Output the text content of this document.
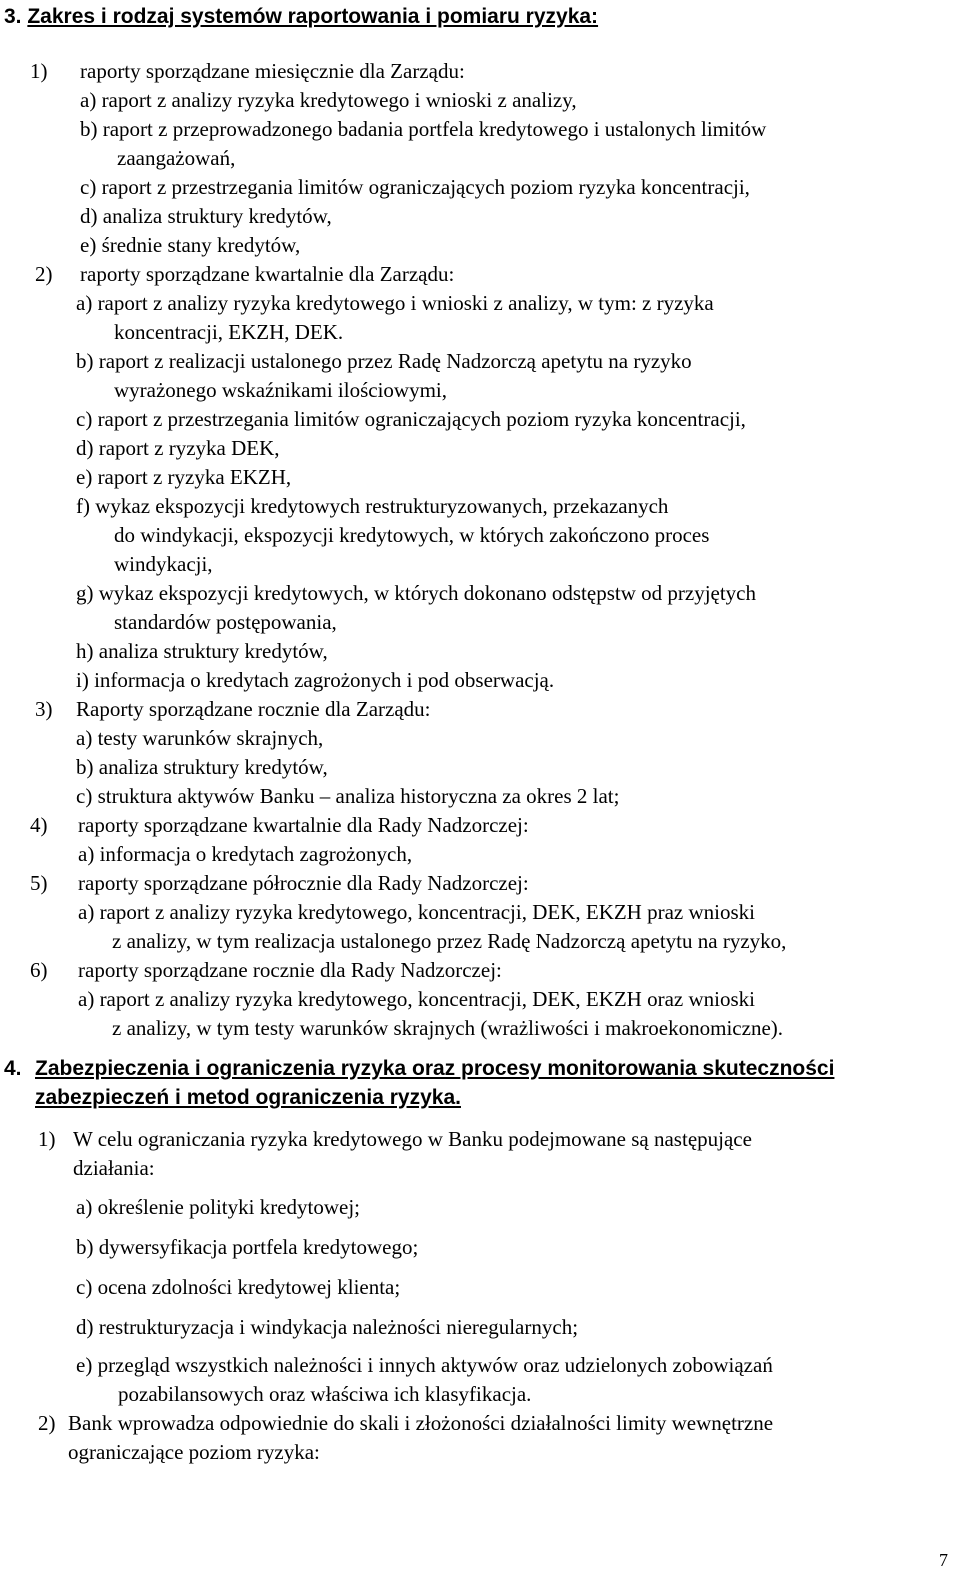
3. Zakres i rodzaj systemów raportowania i pomiaru ryzyka:
1) raporty sporządzane miesięcznie dla Zarządu:
a) raport z analizy ryzyka kredytowego i wnioski z analizy,
b) raport z przeprowadzonego badania portfela kredytowego i ustalonych limitów
zaangażowań,
c) raport z przestrzegania limitów ograniczających poziom ryzyka koncentracji,
d) analiza struktury kredytów,
e) średnie stany kredytów,
2) raporty sporządzane kwartalnie dla Zarządu:
a) raport z analizy ryzyka kredytowego i wnioski z analizy, w tym: z ryzyka
koncentracji, EKZH, DEK.
b) raport z realizacji ustalonego przez Radę Nadzorczą apetytu na ryzyko
wyrażonego wskaźnikami ilościowymi,
c) raport z przestrzegania limitów ograniczających poziom ryzyka koncentracji,
d) raport z ryzyka DEK,
e) raport z ryzyka EKZH,
f) wykaz ekspozycji kredytowych restrukturyzowanych, przekazanych
do windykacji, ekspozycji kredytowych, w których zakończono proces
windykacji,
g) wykaz ekspozycji kredytowych, w których dokonano odstępstw od przyjętych
standardów postępowania,
h) analiza struktury kredytów,
i) informacja o kredytach zagrożonych i pod obserwacją.
3) Raporty sporządzane rocznie dla Zarządu:
a) testy warunków skrajnych,
b) analiza struktury kredytów,
c) struktura aktywów Banku – analiza historyczna za okres 2 lat;
4) raporty sporządzane kwartalnie dla Rady Nadzorczej:
a) informacja o kredytach zagrożonych,
5) raporty sporządzane półrocznie dla Rady Nadzorczej:
a) raport z analizy ryzyka kredytowego, koncentracji, DEK, EKZH praz wnioski
z analizy, w tym realizacja ustalonego przez Radę Nadzorczą apetytu na ryzyko,
6) raporty sporządzane rocznie dla Rady Nadzorczej:
a) raport z analizy ryzyka kredytowego, koncentracji, DEK, EKZH oraz wnioski
z analizy, w tym testy warunków skrajnych (wrażliwości i makroekonomiczne).
4. Zabezpieczenia i ograniczenia ryzyka oraz procesy monitorowania skuteczności
zabezpieczeń i metod ograniczenia ryzyka.
1) W celu ograniczania ryzyka kredytowego w Banku podejmowane są następujące
działania:
a) określenie polityki kredytowej;
b) dywersyfikacja portfela kredytowego;
c) ocena zdolności kredytowej klienta;
d) restrukturyzacja i windykacja należności nieregularnych;
e) przegląd wszystkich należności i innych aktywów oraz udzielonych zobowiązań
pozabilansowych oraz właściwa ich klasyfikacja.
2) Bank wprowadza odpowiednie do skali i złożoności działalności limity wewnętrzne
ograniczające poziom ryzyka:
7
